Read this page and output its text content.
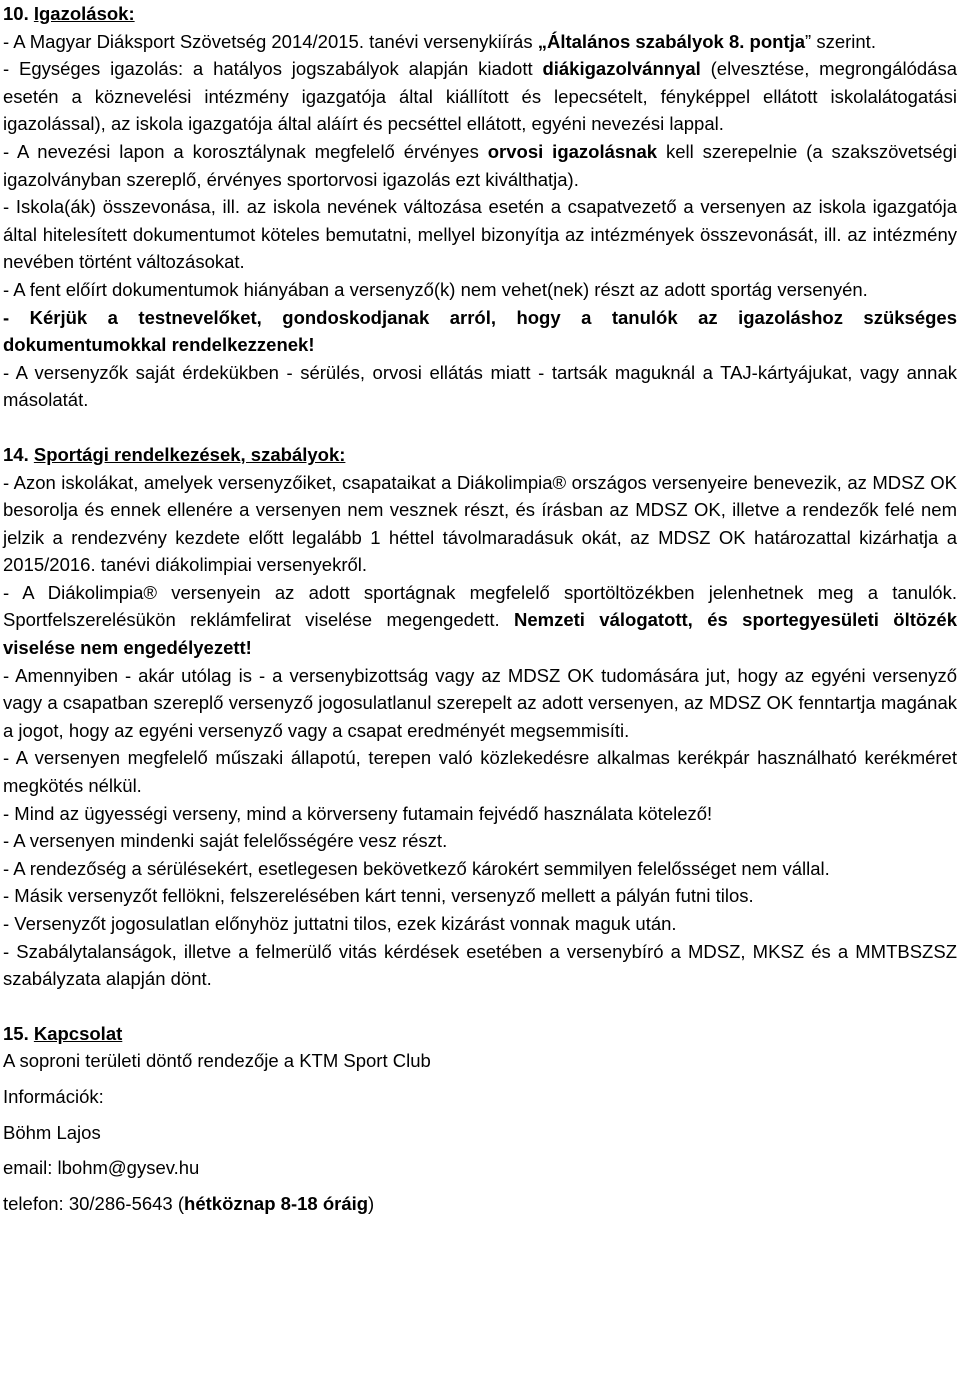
10. Igazolások:

- A Magyar Diáksport Szövetség 2014/2015. tanévi versenykiírás „Általános szabályok 8. pontja” szerint.

- Egységes igazolás: a hatályos jogszabályok alapján kiadott diákigazolvánnyal (elvesztése, megrongálódása esetén a köznevelési intézmény igazgatója által kiállított és lepecsételt, fényképpel ellátott iskolalátogatási igazolással), az iskola igazgatója által aláírt és pecséttel ellátott, egyéni nevezési lappal.

- A nevezési lapon a korosztálynak megfelelő érvényes orvosi igazolásnak kell szerepelnie (a szakszövetségi igazolványban szereplő, érvényes sportorvosi igazolás ezt kiválthatja).

- Iskola(ák) összevonása, ill. az iskola nevének változása esetén a csapatvezető a versenyen az iskola igazgatója által hitelesített dokumentumot köteles bemutatni, mellyel bizonyítja az intézmények összevonását, ill. az intézmény nevében történt változásokat.

- A fent előírt dokumentumok hiányában a versenyző(k) nem vehet(nek) részt az adott sportág versenyén.

- Kérjük a testnevelőket, gondoskodjanak arról, hogy a tanulók az igazoláshoz szükséges dokumentumokkal rendelkezzenek!

- A versenyzők saját érdekükben - sérülés, orvosi ellátás miatt - tartsák maguknál a TAJ-kártyájukat, vagy annak másolatát.

14. Sportági rendelkezések, szabályok:

- Azon iskolákat, amelyek versenyzőiket, csapataikat a Diákolimpia® országos versenyeire benevezik, az MDSZ OK besorolja és ennek ellenére a versenyen nem vesznek részt, és írásban az MDSZ OK, illetve a rendezők felé nem jelzik a rendezvény kezdete előtt legalább 1 héttel távolmaradásuk okát, az MDSZ OK határozattal kizárhatja a 2015/2016. tanévi diákolimpiai versenyekről.

- A Diákolimpia® versenyein az adott sportágnak megfelelő sportöltözékben jelenhetnek meg a tanulók. Sportfelszerelésükön reklámfelirat viselése megengedett. Nemzeti válogatott, és sportegyesületi öltözék viselése nem engedélyezett!

- Amennyiben - akár utólag is - a versenybizottság vagy az MDSZ OK tudomására jut, hogy az egyéni versenyző vagy a csapatban szereplő versenyző jogosulatlanul szerepelt az adott versenyen, az MDSZ OK fenntartja magának a jogot, hogy az egyéni versenyző vagy a csapat eredményét megsemmisíti.

- A versenyen megfelelő műszaki állapotú, terepen való közlekedésre alkalmas kerékpár használható kerékméret megkötés nélkül.

- Mind az ügyességi verseny, mind a körverseny futamain fejvédő használata kötelező!

- A versenyen mindenki saját felelősségére vesz részt.

- A rendezőség a sérülésekért, esetlegesen bekövetkező károkért semmilyen felelősséget nem vállal.

- Másik versenyzőt fellökni, felszerelésében kárt tenni, versenyző mellett a pályán futni tilos.

- Versenyzőt jogosulatlan előnyhöz juttatni tilos, ezek kizárást vonnak maguk után.

- Szabálytalanságok, illetve a felmerülő vitás kérdések esetében a versenybíró a MDSZ, MKSZ és a MMTBSZSZ szabályzata alapján dönt.

15. Kapcsolat

A soproni területi döntő rendezője a KTM Sport Club

Információk:

Böhm Lajos

email: lbohm@gysev.hu

telefon: 30/286-5643 (hétköznap 8-18 óráig)
